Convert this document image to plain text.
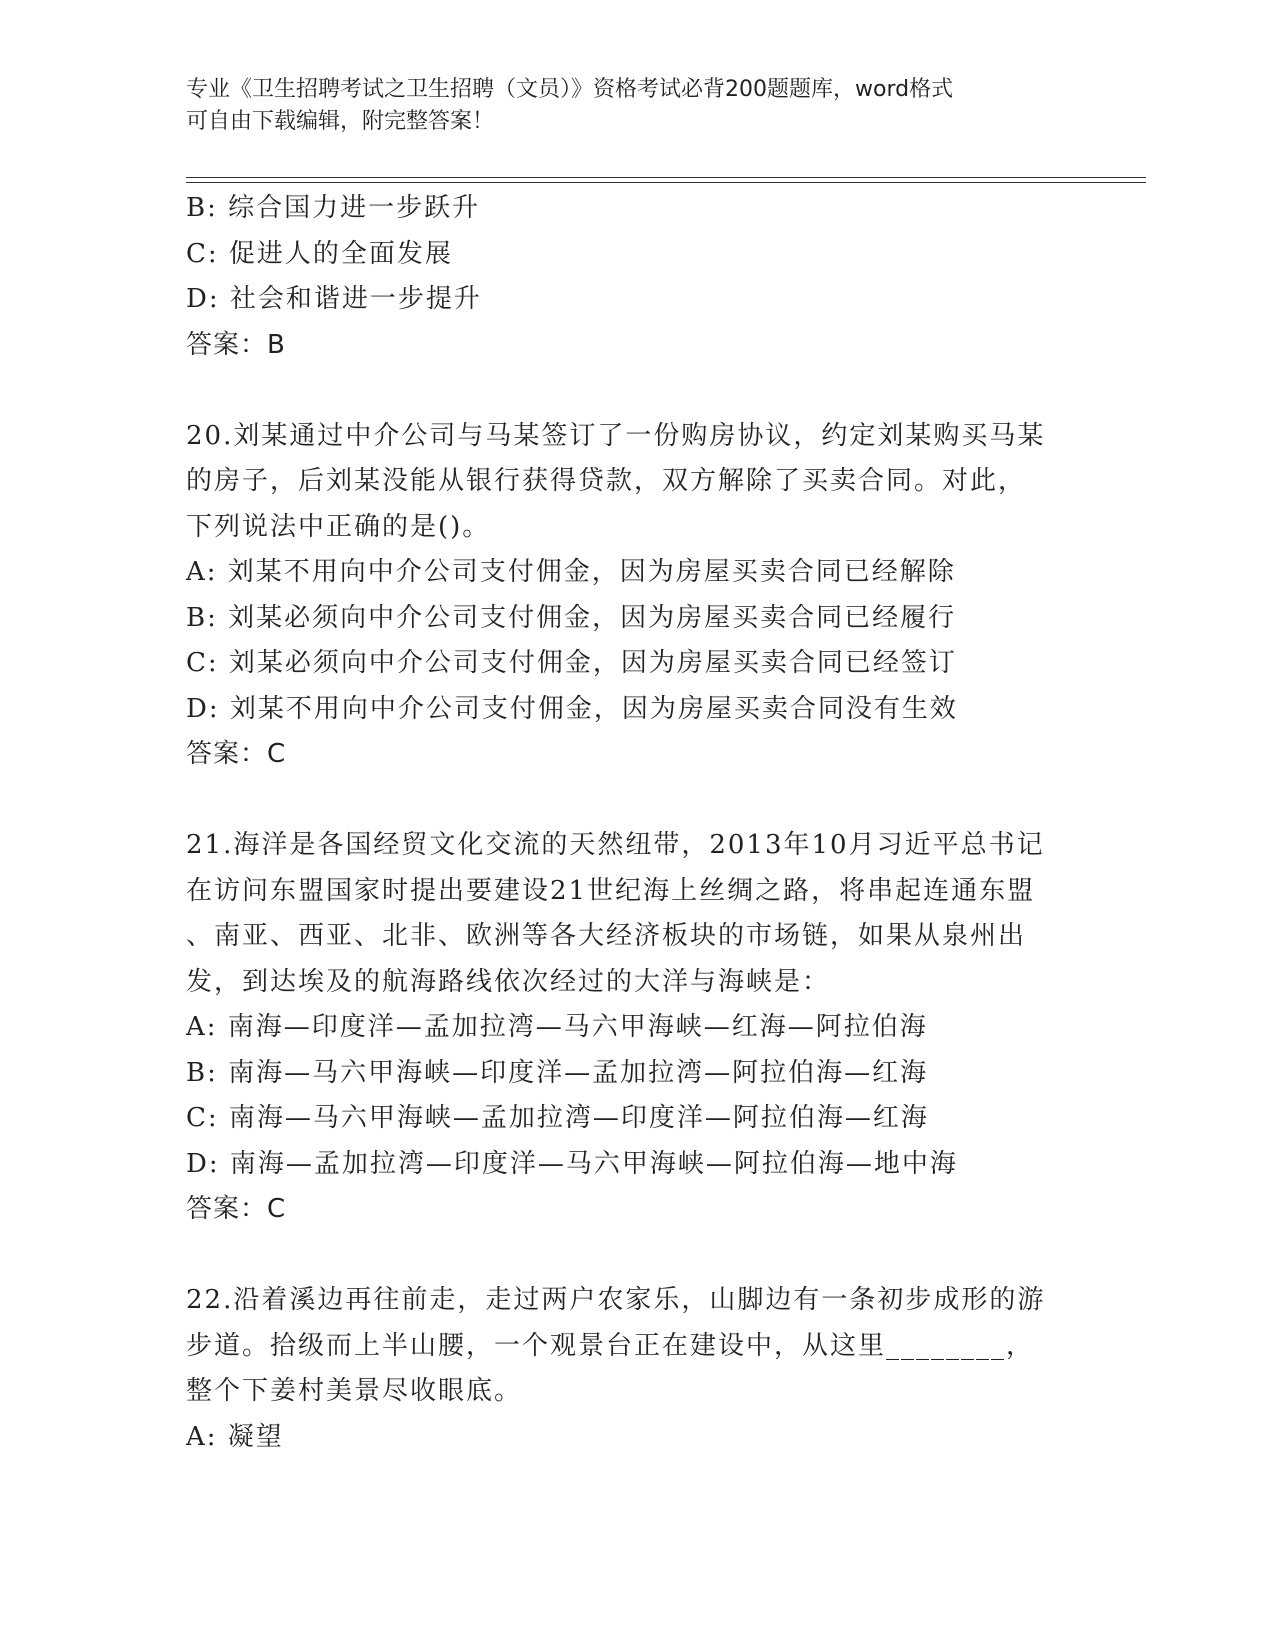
专业《卫生招聘考试之卫生招聘（文员）》资格考试必背200题题库，word格式
可自由下载编辑，附完整答案！
B: 综合国力进一步跃升
C: 促进人的全面发展
D: 社会和谐进一步提升
答案：B
20.刘某通过中介公司与马某签订了一份购房协议，约定刘某购买马某
的房子，后刘某没能从银行获得贷款，双方解除了买卖合同。对此，
下列说法中正确的是()。
A: 刘某不用向中介公司支付佣金，因为房屋买卖合同已经解除
B: 刘某必须向中介公司支付佣金，因为房屋买卖合同已经履行
C: 刘某必须向中介公司支付佣金，因为房屋买卖合同已经签订
D: 刘某不用向中介公司支付佣金，因为房屋买卖合同没有生效
答案：C
21.海洋是各国经贸文化交流的天然纽带，2013年10月习近平总书记
在访问东盟国家时提出要建设21世纪海上丝绸之路，将串起连通东盟
、南亚、西亚、北非、欧洲等各大经济板块的市场链，如果从泉州出
发，到达埃及的航海路线依次经过的大洋与海峡是：
A: 南海—印度洋—孟加拉湾—马六甲海峡—红海—阿拉伯海
B: 南海—马六甲海峡—印度洋—孟加拉湾—阿拉伯海—红海
C: 南海—马六甲海峡—孟加拉湾—印度洋—阿拉伯海—红海
D: 南海—孟加拉湾—印度洋—马六甲海峡—阿拉伯海—地中海
答案：C
22.沿着溪边再往前走，走过两户农家乐，山脚边有一条初步成形的游
步道。拾级而上半山腰，一个观景台正在建设中，从这里________，
整个下姜村美景尽收眼底。
A: 凝望
